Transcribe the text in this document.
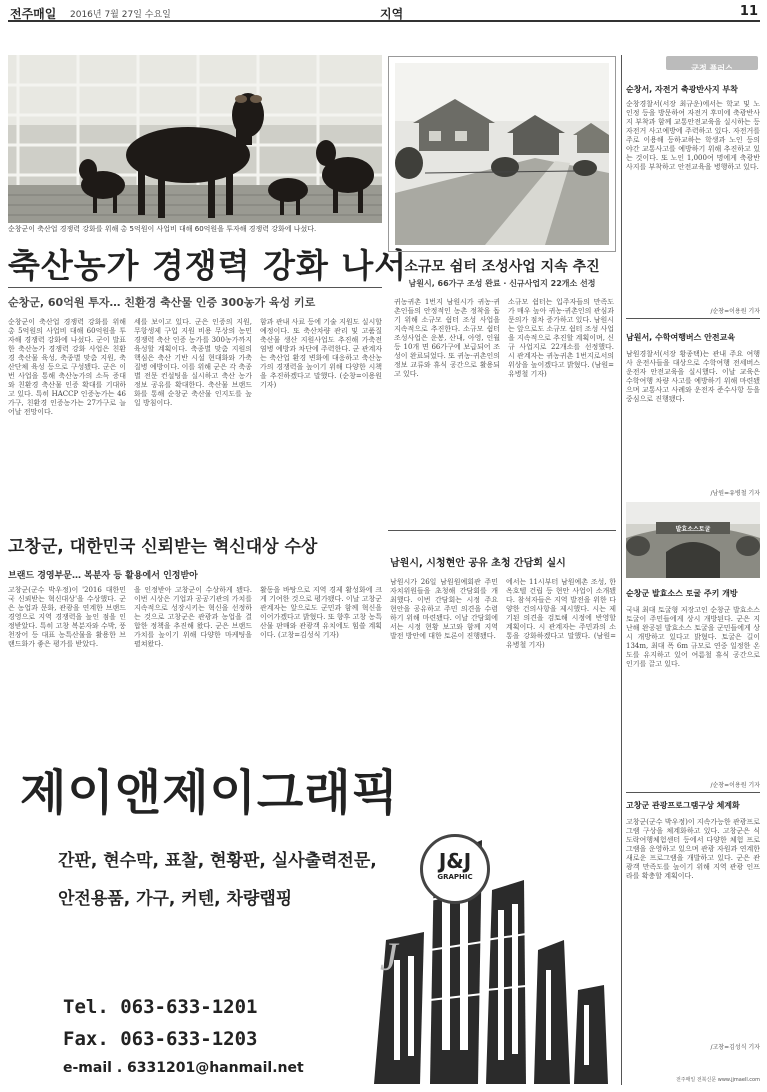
전주매일 2016년 7월 27일 수요일	지역	11
순창군이 축산업 경쟁력 강화를 위해 총 5억원이 사업비 대해 60억원을 투자해 경쟁력 강화에 나섰다.
축산농가 경쟁력 강화 나서
순창군, 60억원 투자… 친환경 축산물 인증 300농가 육성 키로
순창군이 축산업 경쟁력 강화를 위해 총 5억원의 사업비 대해 60억원을 투자해 경쟁력 강화에 나섰다. 군이 발표한 축산농가 경쟁력 강화 사업은 친환경 축산물 육성, 축종별 맞춤 지원, 축산단체 육성 등으로 구성됐다. 군은 이번 사업을 통해 축산농가의 소득 증대와 친환경 축산물 인증 확대를 기대하고 있다. 특히 HACCP 인증농가는 46가구, 친환경 인증농가는 27가구로 늘어날 전망이다.
세를 보이고 있다. 군은 인증의 지원, 무항생제 구입 지원 비용 무상의 농민 경쟁력 축산 인증 농가를 300농가까지 육성할 계획이다. 축종별 맞춤 지원의 핵심은 축산 기반 시설 현대화와 가축 질병 예방이다. 이를 위해 군은 각 축종별 전문 컨설팅을 실시하고 축산 농가 정보 공유를 확대한다. 축산물 브랜드화를 통해 순창군 축산물 인지도를 높일 방침이다.
함과 관내 사료 등에 기술 지원도 실시할 예정이다. 또 축산차량 관리 및 고품질 축산물 생산 지원사업도 추진해 가축전염병 예방과 차단에 주력한다. 군 관계자는 축산업 환경 변화에 대응하고 축산농가의 경쟁력을 높이기 위해 다양한 시책을 추진하겠다고 말했다. (순창=이용원 기자)
소규모 쉼터 조성사업 지속 추진
남원시, 66가구 조성 완료 · 신규사업지 22개소 선정
귀농귀촌 1번지 남원시가 귀농·귀촌인들의 안정적인 농촌 정착을 돕기 위해 소규모 쉼터 조성 사업을 지속적으로 추진한다. 소규모 쉼터 조성사업은 운봉, 산내, 아영, 인월 등 10개 면 66가구에 보급되어 조성이 완료되었다. 또 귀농·귀촌인의 정보 교류와 휴식 공간으로 활용되고 있다.
소규모 쉼터는 입주자들의 만족도가 매우 높아 귀농·귀촌인의 관심과 문의가 점차 증가하고 있다. 남원시는 앞으로도 소규모 쉼터 조성 사업을 지속적으로 추진할 계획이며, 신규 사업지로 22개소를 선정했다. 시 관계자는 귀농귀촌 1번지로서의 위상을 높이겠다고 밝혔다. (남원=유병철 기자)
고창군, 대한민국 신뢰받는 혁신대상 수상
브랜드 경영부문… 복분자 등 활용에서 인정받아
고창군(군수 박우정)이 '2016 대한민국 신뢰받는 혁신대상'을 수상했다. 군은 농업과 문화, 관광을 연계한 브랜드 경영으로 지역 경쟁력을 높인 점을 인정받았다. 특히 고창 복분자와 수박, 풍천장어 등 대표 농특산물을 활용한 브랜드화가 좋은 평가를 받았다.
을 인정받아 고창군이 수상하게 됐다. 이번 시상은 기업과 공공기관의 가치를 지속적으로 성장시키는 혁신을 선정하는 것으로 고창군은 관광과 농업을 결합한 정책을 추진해 왔다. 군은 브랜드 가치를 높이기 위해 다양한 마케팅을 펼쳐왔다.
활동을 바탕으로 지역 경제 활성화에 크게 기여한 것으로 평가됐다. 이날 고창군 관계자는 앞으로도 군민과 함께 혁신을 이어가겠다고 밝혔다. 또 향후 고창 농특산물 판매와 관광객 유치에도 힘쓸 계획이다. (고창=김성식 기자)
남원시, 시청현안 공유 초청 간담회 실시
남원시가 26일 남원원예회관 주민자치위원들을 초청해 간담회를 개최했다. 이번 간담회는 시정 주요 현안을 공유하고 주민 의견을 수렴하기 위해 마련됐다. 이날 간담회에서는 시정 현황 보고와 함께 지역 발전 방안에 대한 토론이 진행됐다.
에서는 11시부터 남원예촌 조성, 한옥호텔 건립 등 현안 사업이 소개됐다. 참석자들은 지역 발전을 위한 다양한 건의사항을 제시했다. 시는 제기된 의견을 검토해 시정에 반영할 계획이다. 시 관계자는 주민과의 소통을 강화하겠다고 말했다. (남원=유병철 기자)
제이앤제이그래픽
간판, 현수막, 표찰, 현황판, 실사출력전문,
안전용품, 가구, 커텐, 차량랩핑
Tel. 063-633-1201
Fax. 063-633-1203
e-mail . 6331201@hanmail.net
J
J&J
GRAPHIC
군정 플러스
순창서, 자전거 축광반사지 부착
순창경찰서(서장 최규운)에서는 학교 및 노인정 등을 방문하여 자전거 후미에 축광반사지 부착과 함께 교통안전교육을 실시하는 등 자전거 사고예방에 주력하고 있다. 자전거를 주로 이용해 등하교하는 학생과 노인 등의 야간 교통사고를 예방하기 위해 추진하고 있는 것이다. 또 노인 1,000여 명에게 축광반사지를 부착하고 안전교육을 병행하고 있다.
/순창=이용원 기자
남원서, 수학여행버스 안전교육
남원경찰서(서장 황종택)는 관내 주요 여행사 운전사들을 대상으로 수학여행 전세버스 운전자 안전교육을 실시했다. 이날 교육은 수학여행 차량 사고를 예방하기 위해 마련됐으며 교통사고 사례와 운전자 준수사항 등을 중심으로 진행됐다.
/남원=유병철 기자
발효소스토굴
순창군 발효소스 토굴 주키 개방
국내 최대 토굴형 저장고인 순창군 발효소스 토굴이 주민들에게 상시 개방된다. 군은 지난해 완공된 발효소스 토굴을 군민들에게 상시 개방하고 있다고 밝혔다. 토굴은 길이 134m, 최대 폭 6m 규모로 연중 일정한 온도를 유지하고 있어 여름철 휴식 공간으로 인기를 끌고 있다.
/순창=이용원 기자
고창군 관광프로그램구상 체계화
고창군(군수 박우정)이 지속가능한 관광프로그램 구상을 체계화하고 있다. 고창군은 식도락여행체험센터 등에서 다양한 체험 프로그램을 운영하고 있으며 관광 자원과 연계한 새로운 프로그램을 개발하고 있다. 군은 관광객 만족도를 높이기 위해 지역 관광 인프라를 확충할 계획이다.
/고창=김성식 기자
전주매일 전북신문 www.jjmaell.com
